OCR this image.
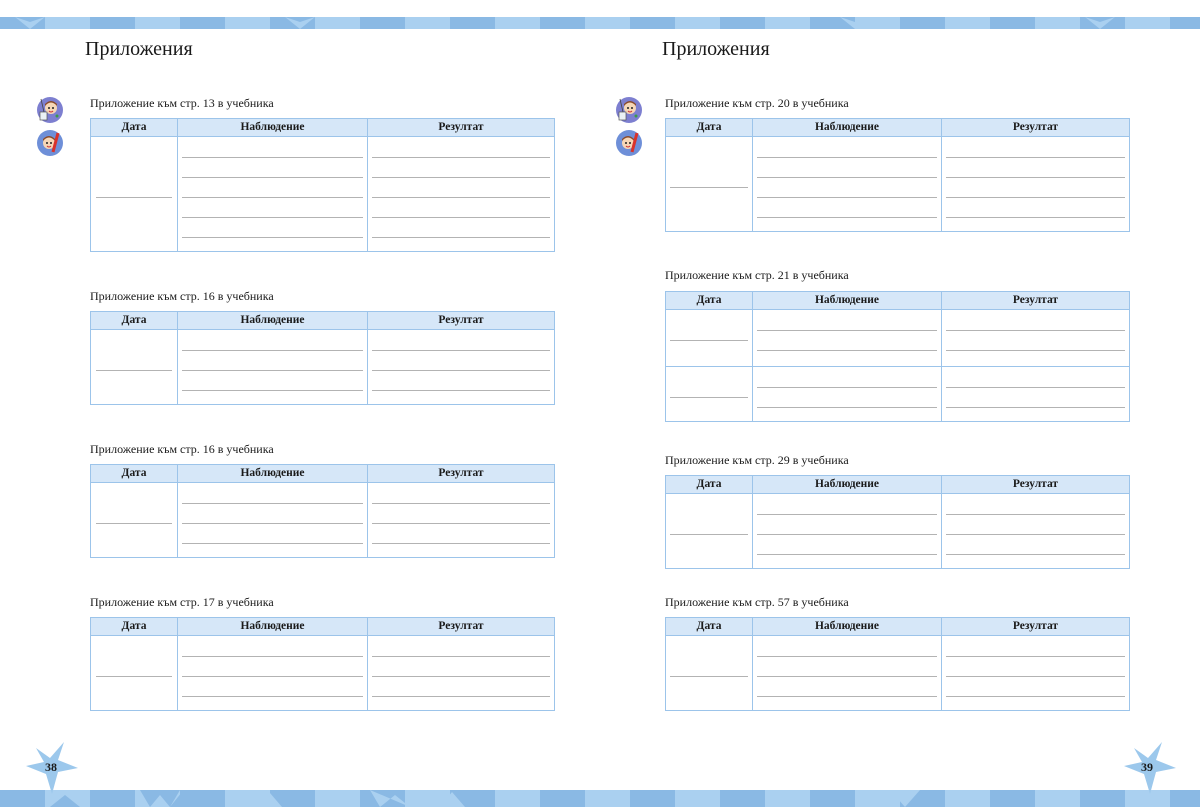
Приложения
Приложение към стр. 13 в учебника
Дата	Наблюдение	Резултат
Приложение към стр. 16 в учебника
Дата	Наблюдение	Резултат
Приложение към стр. 16 в учебника
Дата	Наблюдение	Резултат
Приложение към стр. 17 в учебника
Дата	Наблюдение	Резултат
38
Приложения
Приложение към стр. 20 в учебника
Дата	Наблюдение	Резултат
Приложение към стр. 21 в учебника
Дата	Наблюдение	Резултат
Приложение към стр. 29 в учебника
Дата	Наблюдение	Резултат
Приложение към стр. 57 в учебника
Дата	Наблюдение	Резултат
39
